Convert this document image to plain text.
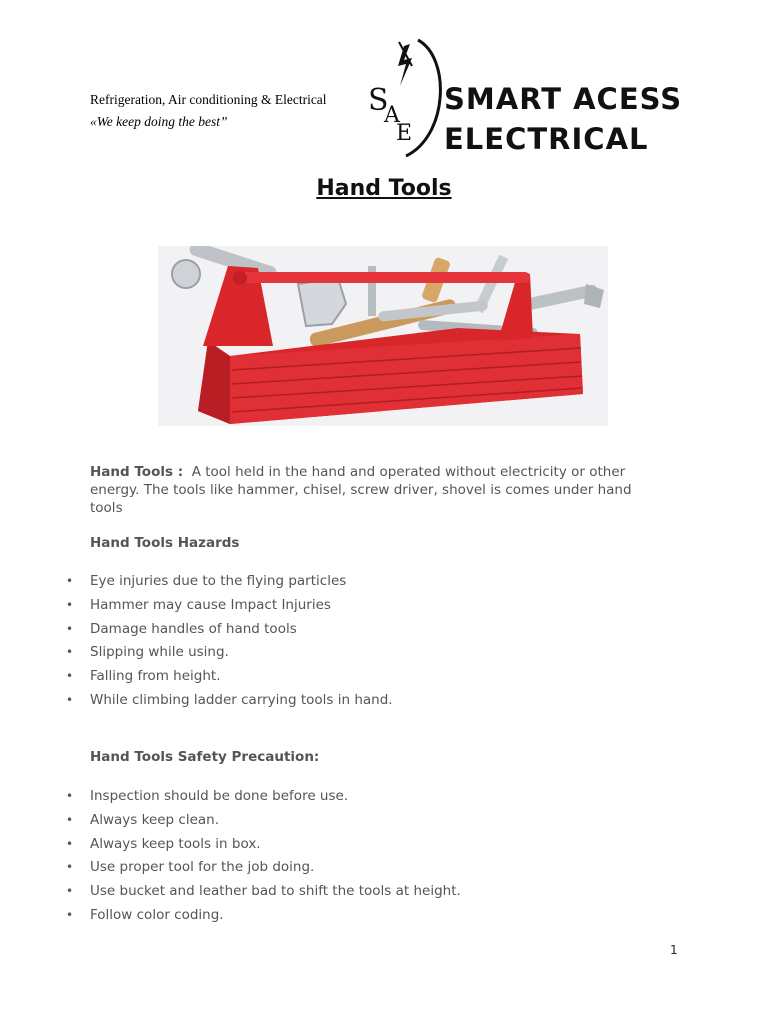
Refrigeration, Air conditioning & Electrical
«We keep doing the best”
S
A
E
SMART ACESS
ELECTRICAL
Hand Tools
Hand Tools : A tool held in the hand and operated without electricity or other energy. The tools like hammer, chisel, screw driver, shovel is comes under hand tools
Hand Tools Hazards
• Eye injuries due to the flying particles
• Hammer may cause Impact Injuries
• Damage handles of hand tools
• Slipping while using.
• Falling from height.
• While climbing ladder carrying tools in hand.
Hand Tools Safety Precaution:
• Inspection should be done before use.
• Always keep clean.
• Always keep tools in box.
• Use proper tool for the job doing.
• Use bucket and leather bad to shift the tools at height.
• Follow color coding.
1
